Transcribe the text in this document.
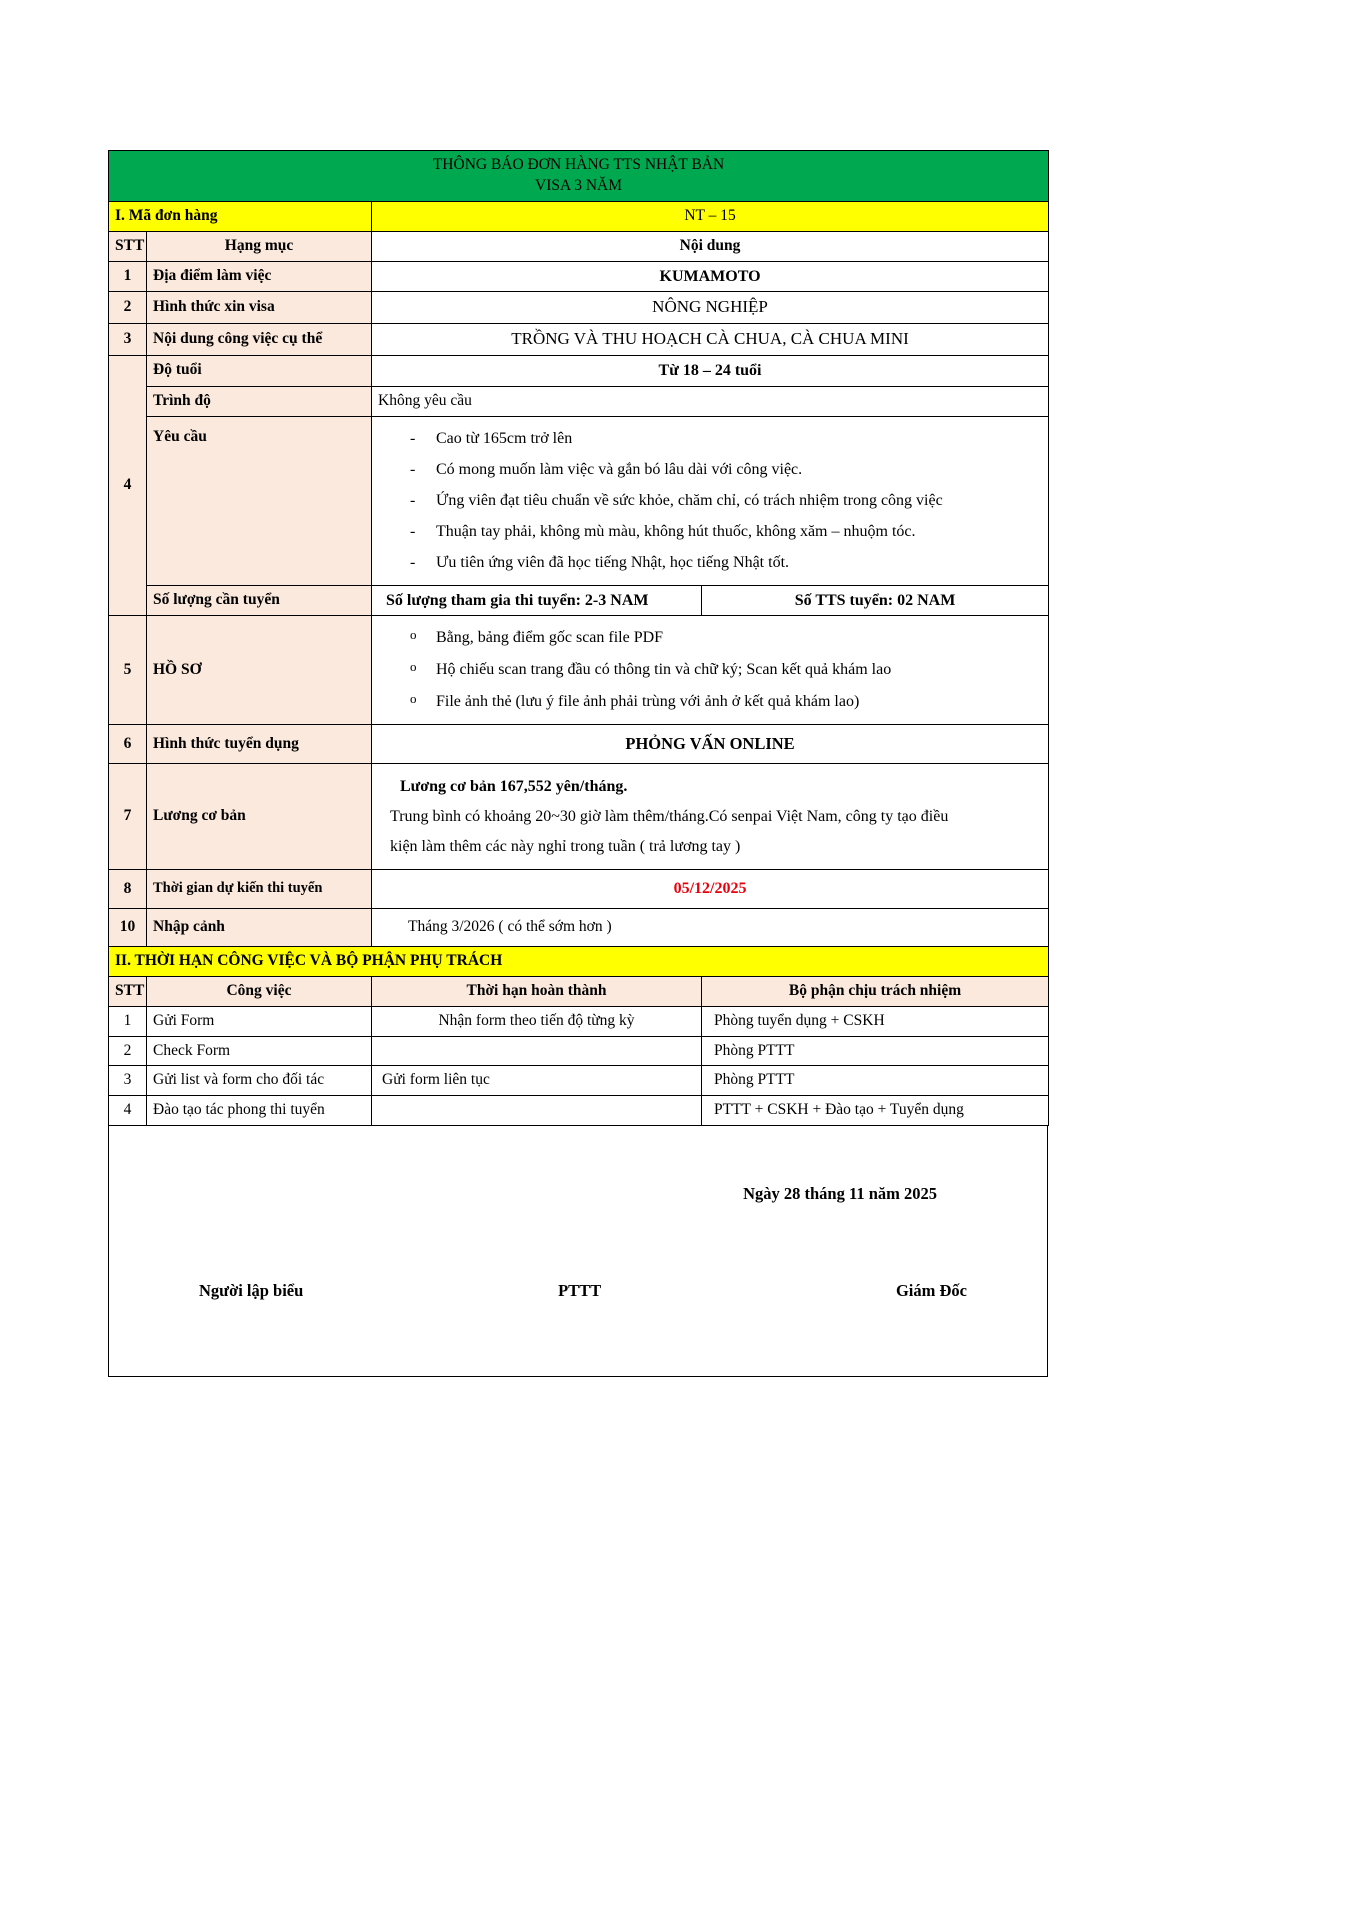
THÔNG BÁO ĐƠN HÀNG TTS NHẬT BẢN
VISA 3 NĂM			

I. Mã đơn hàng		NT – 15	
STT	Hạng mục	Nội dung	
1	Địa điểm làm việc	KUMAMOTO	
2	Hình thức xin visa	NÔNG NGHIỆP	
3	Nội dung công việc cụ thể	TRỒNG VÀ THU HOẠCH CÀ CHUA, CÀ CHUA MINI	
4	Độ tuổi	Từ 18 – 24 tuổi	
	Trình độ	Không yêu cầu	
Yêu cầu	
-Cao từ 165cm trở lên
- Có mong muốn làm việc và gắn bó lâu dài với công việc.
- Ứng viên đạt tiêu chuẩn về sức khỏe, chăm chỉ, có trách nhiệm trong công việc
- Thuận tay phải, không mù màu, không hút thuốc, không xăm – nhuộm tóc.
- Ưu tiên ứng viên đã học tiếng Nhật, học tiếng Nhật tốt.

	Số lượng cần tuyển	Số lượng tham gia thi tuyển: 2-3 NAM	Số TTS tuyển: 02 NAM
5	HỒ SƠ	
o Bằng, bảng điểm gốc scan file PDF
o Hộ chiếu scan trang đầu có thông tin và chữ ký; Scan kết quả khám lao
o File ảnh thẻ (lưu ý file ảnh phải trùng với ảnh ở kết quả khám lao)

6	Hình thức tuyển dụng	PHỎNG VẤN ONLINE	
7	Lương cơ bản	Lương cơ bản 167,552 yên/tháng.

Trung bình có khoảng 20~30 giờ làm thêm/tháng.Có senpai Việt Nam, công ty tạo điều

kiện làm thêm các này nghỉ trong tuần ( trả lương tay )	

8	Thời gian dự kiến thi tuyển	05/12/2025	
10	Nhập cảnh	Tháng 3/2026 ( có thể sớm hơn )	
II. THỜI HẠN CÔNG VIỆC VÀ BỘ PHẬN PHỤ TRÁCH			
STT	Công việc	Thời hạn hoàn thành	Bộ phận chịu trách nhiệm
1	Gửi Form	Nhận form theo tiến độ từng kỳ	Phòng tuyển dụng + CSKH
2	Check Form		Phòng PTTT
3	Gửi list và form cho đối tác	Gửi form liên tục	Phòng PTTT
4	Đào tạo tác phong thi tuyển		PTTT + CSKH + Đào tạo + Tuyển dụng
Ngày 28 tháng 11 năm 2025
Người lập biểu	PTTT	Giám Đốc
